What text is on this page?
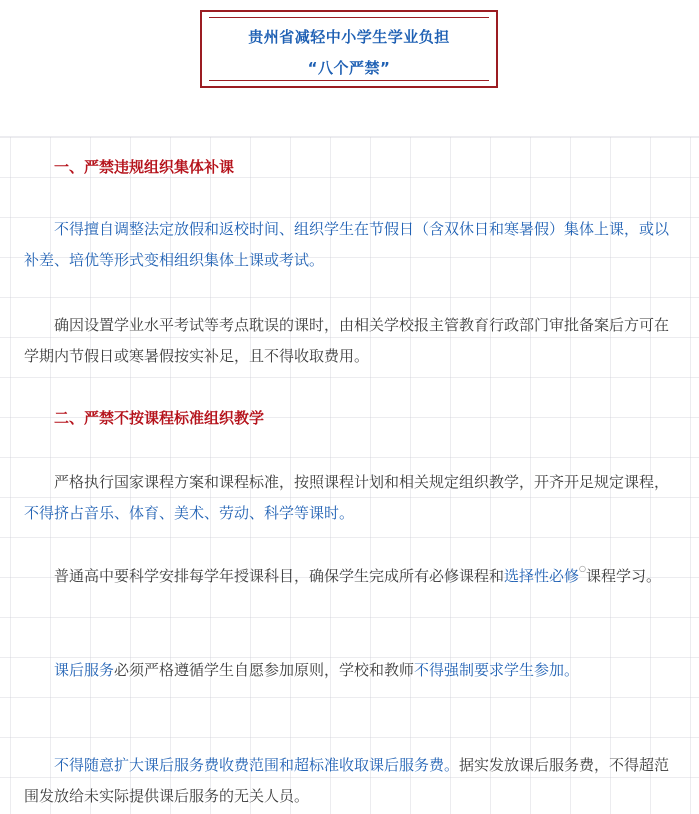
贵州省减轻中小学生学业负担
“八个严禁”
一、严禁违规组织集体补课
不得擅自调整法定放假和返校时间、组织学生在节假日（含双休日和寒暑假）集体上课，或以补差、培优等形式变相组织集体上课或考试。
确因设置学业水平考试等考点耽误的课时，由相关学校报主管教育行政部门审批备案后方可在学期内节假日或寒暑假按实补足，且不得收取费用。
二、严禁不按课程标准组织教学
严格执行国家课程方案和课程标准，按照课程计划和相关规定组织教学，开齐开足规定课程，不得挤占音乐、体育、美术、劳动、科学等课时。
普通高中要科学安排每学年授课科目，确保学生完成所有必修课程和选择性必修○课程学习。
课后服务必须严格遵循学生自愿参加原则，学校和教师不得强制要求学生参加。
不得随意扩大课后服务费收费范围和超标准收取课后服务费。据实发放课后服务费，不得超范围发放给未实际提供课后服务的无关人员。
